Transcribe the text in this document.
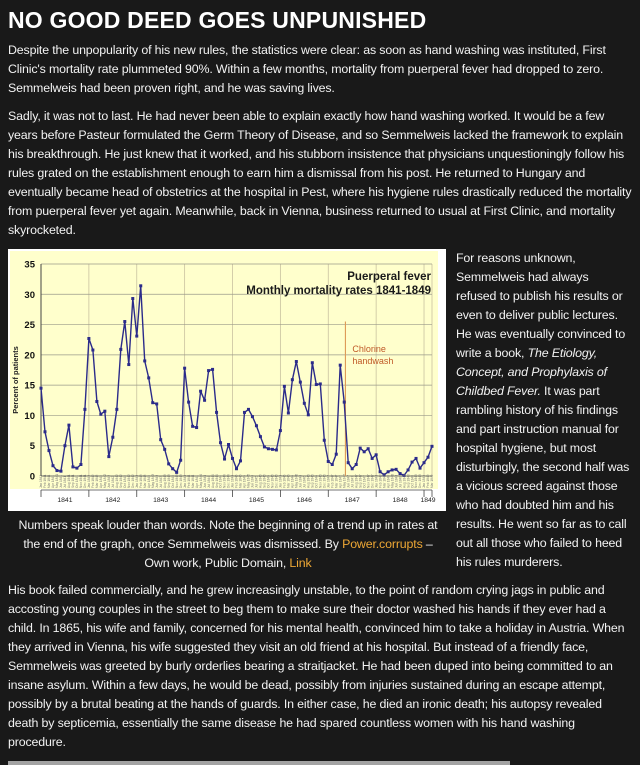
NO GOOD DEED GOES UNPUNISHED

Despite the unpopularity of his new rules, the statistics were clear: as soon as hand washing was instituted, First Clinic's mortality rate plummeted 90%. Within a few months, mortality from puerperal fever had dropped to zero. Semmelweis had been proven right, and he was saving lives.

Sadly, it was not to last. He had never been able to explain exactly how hand washing worked. It would be a few years before Pasteur formulated the Germ Theory of Disease, and so Semmelweis lacked the framework to explain his breakthrough. He just knew that it worked, and his stubborn insistence that physicians unquestioningly follow his rules grated on the establishment enough to earn him a dismissal from his post. He returned to Hungary and eventually became head of obstetrics at the hospital in Pest, where his hygiene rules drastically reduced the mortality from puerperal fever yet again. Meanwhile, back in Vienna, business returned to usual at First Clinic, and mortality skyrocketed.

0
5
10
15
20
25
30
35
Percent of patients	Chlorine
handwash
Puerperal fever
Monthly mortality rates 1841-1849
Jan 1841 Feb 1841 Mar 1841 Apr 1841 May 1841 Jun 1841 Jul 1841 Aug 1841 Sep 1841 Oct 1841 Nov 1841 Dec 1841 Jan 1842 Feb 1842 Mar 1842 Apr 1842 May 1842 Jun 1842 Jul 1842 Aug 1842 Sep 1842 Oct 1842 Nov 1842 Dec 1842 Jan 1843 Feb 1843 Mar 1843 Apr 1843 May 1843 Jun 1843 Jul 1843 Aug 1843 Sep 1843 Oct 1843 Nov 1843 Dec 1843 Jan 1844 Feb 1844 Mar 1844 Apr 1844 May 1844 Jun 1844 Jul 1844 Aug 1844 Sep 1844 Oct 1844 Nov 1844 Dec 1844 Jan 1845 Feb 1845 Mar 1845 Apr 1845 May 1845 Jun 1845 Jul 1845 Aug 1845 Sep 1845 Oct 1845 Nov 1845 Dec 1845 Jan 1846 Feb 1846 Mar 1846 Apr 1846 May 1846 Jun 1846 Jul 1846 Aug 1846 Sep 1846 Oct 1846 Nov 1846 Dec 1846 Jan 1847 Feb 1847 Mar 1847 Apr 1847 May 1847 Jun 1847 Jul 1847 Aug 1847 Sep 1847 Oct 1847 Nov 1847 Dec 1847 Jan 1848 Feb 1848 Mar 1848 Apr 1848 May 1848 Jun 1848 Jul 1848 Aug 1848 Sep 1848 Oct 1848 Nov 1848 Dec 1848 Jan 1849 Feb 1849 Mar 1849
1841	1842	1843	1844	1845	1846	1847	1848 1849
Numbers speak louder than words. Note the beginning of a trend up in rates at the end of the graph, once Semmelweis was dismissed. By Power.corrupts – Own work, Public Domain, Link

For reasons unknown, Semmelweis had always refused to publish his results or even to deliver public lectures. He was eventually convinced to write a book, The Etiology, Concept, and Prophylaxis of Childbed Fever. It was part rambling history of his findings and part instruction manual for hospital hygiene, but most disturbingly, the second half was a vicious screed against those who had doubted him and his results. He went so far as to call out all those who failed to heed his rules murderers.

His book failed commercially, and he grew increasingly unstable, to the point of random crying jags in public and accosting young couples in the street to beg them to make sure their doctor washed his hands if they ever had a child. In 1865, his wife and family, concerned for his mental health, convinced him to take a holiday in Austria. When they arrived in Vienna, his wife suggested they visit an old friend at his hospital. But instead of a friendly face, Semmelweis was greeted by burly orderlies bearing a straitjacket. He had been duped into being committed to an insane asylum. Within a few days, he would be dead, possibly from injuries sustained during an escape attempt, possibly by a brutal beating at the hands of guards. In either case, he died an ironic death; his autopsy revealed death by septicemia, essentially the same disease he had spared countless women with his hand washing procedure.
